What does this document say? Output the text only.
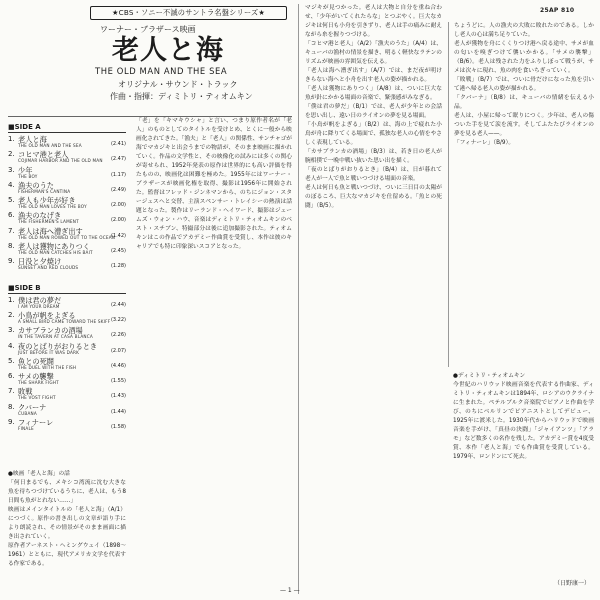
★CBS・ソニー不滅のサントラ名盤シリーズ★	25AP 810
ワーナー・ブラザース映画
老人と海
THE OLD MAN AND THE SEA
オリジナル・サウンド・トラック
作曲・指揮：ディミトリ・ティオムキン
■SIDE A
1. 老人と海
THE OLD MAN AND THE SEA	(2.41)
2. コヒマ港と老人
COJIMAR HARBOR AND THE OLD MAN (2.47)
3. 少年
THE BOY	(1.17)
4. 漁夫のうた
FISHERMAN'S CANTINA	(2.49)
5. 老人も少年が好き
THE OLD MAN LOVES THE BOY	(2.00)
6. 漁夫のなげき
THE FISHERMEN'S LAMENT	(2.00)
7. 老人は海へ漕ぎ出す
THE OLD MAN ROWED OUT TO THE OCEAN
(1.42)
8. 老人は獲物にありつく
THE OLD MAN CATCHES HIS BAIT	(2.45)
9. 日没と夕焼け
SUNSET AND RED CLOUDS	(1.28)
■SIDE B
1. 僕は君の夢だ
I AM YOUR DREAM	(2.44)
2. 小鳥が帆をよぎる
A SMALL BIRD CAME TOWARD THE SKIFF (3.22)
3. カサブランカの酒場
IN THE TAVERN AT CASA BLANCA	(2.26)
4. 夜のとばりがおりるとき
JUST BEFORE IT WAS DARK	(2.07)
5. 魚との死闘
THE DUEL WITH THE FISH	(4.46)
6. サメの襲撃
THE SHARK FIGHT	(1.55)
7. 敗戦
THE VOST FIGHT	(1.43)
8. クバーナ
CUBANA	(1.44)
9. フィナーレ
FINALE	(1.58)
「老」を「キマキウシャ」と言い、つまり原作者名が「老人」のものとしてのタイトルを受けとめ、とくに一般から映画化されてきた。「漁夫」と「老人」の関係性、サンチャゴが海でマカジキと出会うまでの物語が、そのまま映画に描かれていく。作品の文学性と、その映像化の試みには多くの関心が寄せられ、1952年発表の原作は世界的にも高い評価を得たものの、映画化は困難を極めた。1955年にはワーナー・ブラザースが映画化権を取得、撮影は1956年に開始された。監督はフレッド・ジンネマンから、のちにジョン・スタージェスへと交替、主演スペンサー・トレイシーの熱演は話題となった。製作はリーランド・ヘイワード、撮影はジェームズ・ウォン・ハウ、音楽はディミトリ・ティオムキンのベスト・スチブン、特撮部分は後に追加撮影された。ティオムキンはこの作品でアカデミー作曲賞を受賞し、本作は彼のキャリアでも特に印象深いスコアとなった。
●映画「老人と海」の話
「何日まるでも、メキシコ湾流に沈む大きな魚を待ちつづけているうちに、老人は、もう8日間も魚がとれない……」
映画はメインタイトルの「老人と海」（A/1）につづく。原作の書き出しの文章が語り手により朗読され、その情景がそのまま画面に描き出されていく。
原作者アーネスト・ヘミングウェイ（1898〜1961）とともに、現代アメリカ文学を代表する作家である。
マジキが見つかった。老人は大物と自分を重ね合わせ、「少年がいてくれたらな」とつぶやく。巨大なカジキは何日も小舟を引きずり、老人は手の痛みに耐えながら糸を握りつづける。
「コヒマ港と老人」（A/2）「漁夫のうた」（A/4）は、キューバの漁村の情景を描き、明るく軽快なラテンのリズムが映画の雰囲気を伝える。
「老人は海へ漕ぎ出す」（A/7）では、まだ夜が明けきらない海へと小舟を出す老人の姿が描かれる。
「老人は獲物にありつく」（A/8）は、ついに巨大な魚が針にかかる場面の音楽で、緊張感がみなぎる。
「僕は君の夢だ」（B/1）では、老人が少年との会話を思い出し、遠い日のライオンの夢を見る場面。
「小鳥が帆をよぎる」（B/2）は、海の上で疲れた小鳥が舟に降りてくる場面で、孤独な老人の心情をやさしく表現している。
「カサブランカの酒場」（B/3）は、若き日の老人が腕相撲で一晩中戦い抜いた思い出を描く。
「夜のとばりがおりるとき」（B/4）は、日が暮れて老人が一人で魚と戦いつづける場面の音楽。
老人は何日も魚と戦いつづけ、ついに三日目の太陽がのぼるころ、巨大なマカジキを仕留める。「魚との死闘」（B/5）。
ちょうどに。人の漁夫の大敗に敗れたのである。しかし老人の心は満ち足りていた。
老人が獲物を舟にくくりつけ港へ戻る途中、サメが血の匂いを嗅ぎつけて襲いかかる。「サメの襲撃」（B/6）。老人は残された力をふりしぼって戦うが、サメは次々に現れ、魚の肉を食いちぎっていく。
「敗戦」（B/7）では、ついに骨だけになった魚を引いて港へ帰る老人の姿が描かれる。
「クバーナ」（B/8）は、キューバの情緒を伝える小品。
老人は、小屋に帰って眠りにつく。少年は、老人の傷ついた手を見て涙を流す。そしてふたたびライオンの夢を見る老人——。
「フィナーレ」（B/9）。
●ディミトリ・ティオムキン
今世紀のハリウッド映画音楽を代表する作曲家、ディミトリ・ティオムキンは1894年、ロシアのウクライナに生まれた。ペテルブルク音楽院でピアノと作曲を学び、のちにベルリンでピアニストとしてデビュー、1925年に渡米した。1930年代からハリウッドで映画音楽を手がけ、「真昼の決闘」「ジャイアンツ」「アラモ」など数多くの名作を残した。アカデミー賞を4度受賞、本作「老人と海」でも作曲賞を受賞している。1979年、ロンドンにて死去。
（日野康一）
— 1 —
